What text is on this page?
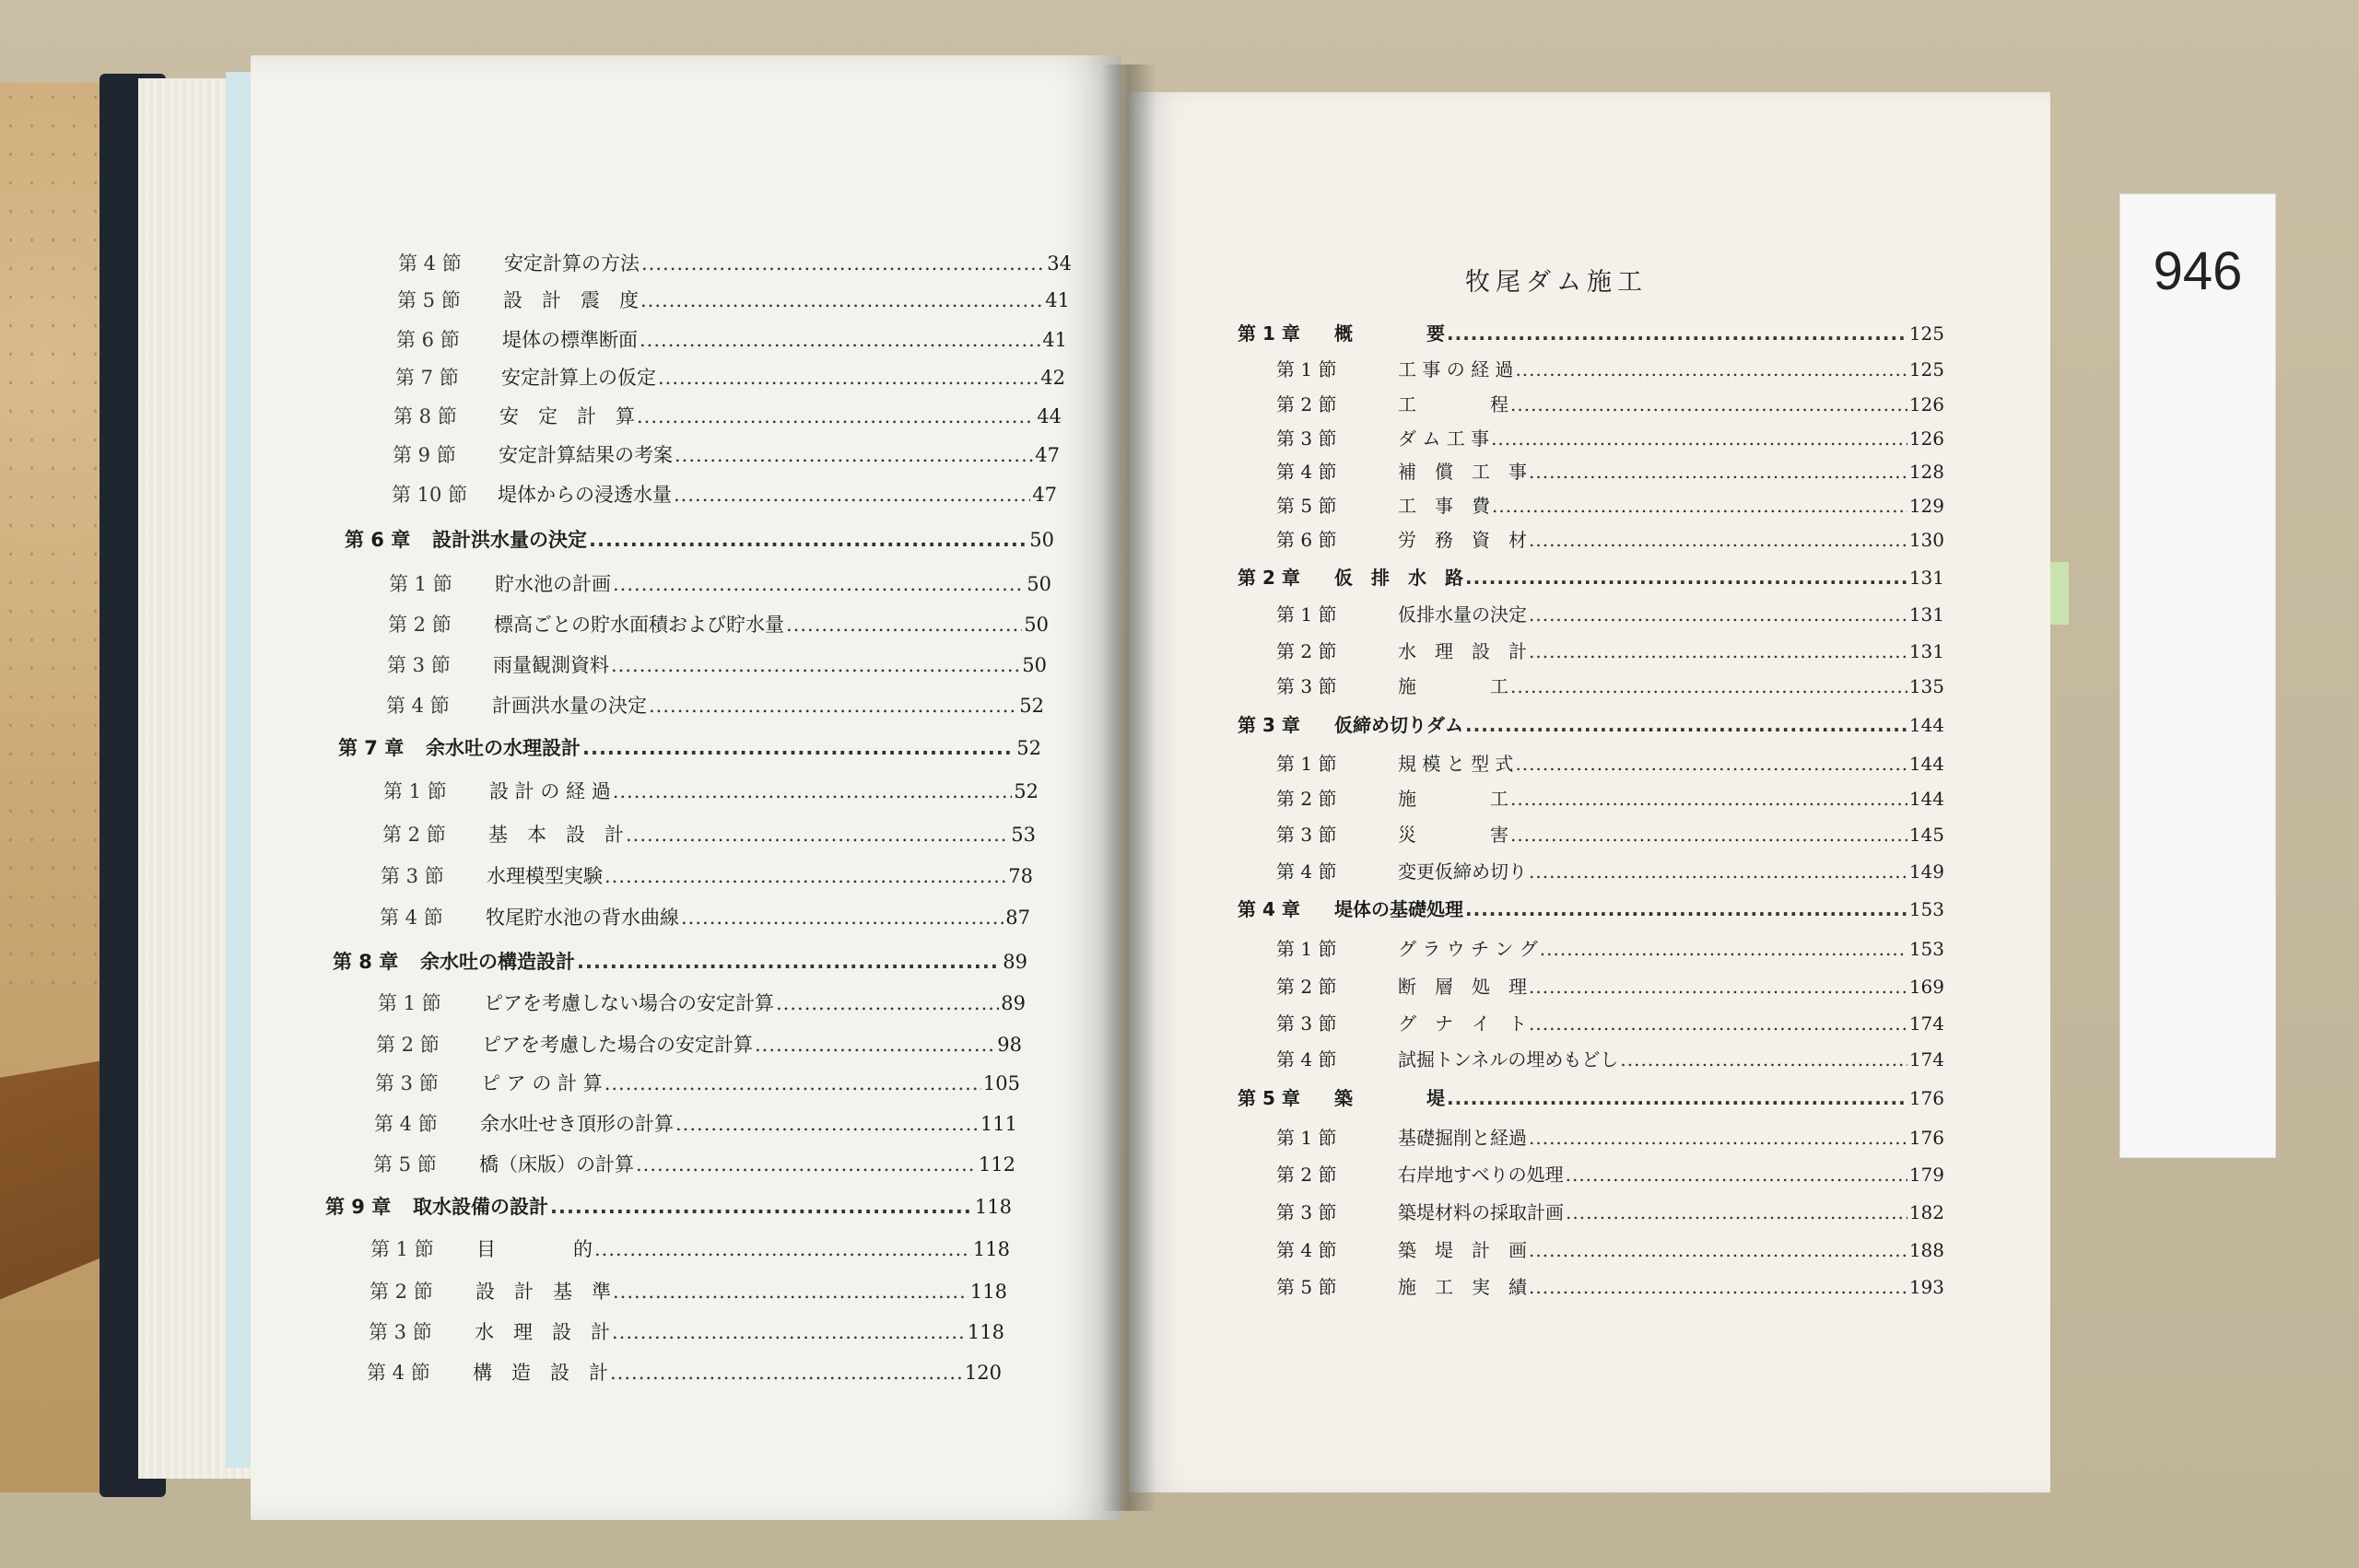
第 4 節	安定計算の方法 .....	34
第 5 節	設　計　震　度 .....	41
第 6 節	堤体の標準断面 .....	41
第 7 節	安定計算上の仮定 .....	42
第 8 節	安　定　計　算 .....	44
第 9 節	安定計算結果の考案 .....	47
第 10 節	堤体からの浸透水量 .....	47
第 6 章	設計洪水量の決定 .....	50
第 1 節	貯水池の計画 .....	50
第 2 節	標高ごとの貯水面積および貯水量 .....	50
第 3 節	雨量観測資料 .....	50
第 4 節	計画洪水量の決定 .....	52
第 7 章	余水吐の水理設計 .....	52
第 1 節	設 計 の 経 過 .....	52
第 2 節	基　本　設　計 .....	53
第 3 節	水理模型実験 .....	78
第 4 節	牧尾貯水池の背水曲線 .....	87
第 8 章	余水吐の構造設計 .....	89
第 1 節	ピアを考慮しない場合の安定計算 .....	89
第 2 節	ピアを考慮した場合の安定計算 .....	98
第 3 節	ピ ア の 計 算 .....	105
第 4 節	余水吐せき頂形の計算 .....	111
第 5 節	橋（床版）の計算 .....	112
第 9 章	取水設備の設計 .....	118
第 1 節	目　　　　的 .....	118
第 2 節	設　計　基　準 .....	118
第 3 節	水　理　設　計 .....	118
第 4 節	構　造　設　計 .....	120
第 1 章	概　　　　要 .....	125
第 1 節	工 事 の 経 過 .....	125
第 2 節	工　　　　程 .....	126
第 3 節	ダ ム 工 事 .....	126
第 4 節	補　償　工　事 .....	128
第 5 節	工　事　費 .....	129
第 6 節	労　務　資　材 .....	130
第 2 章	仮　排　水　路 .....	131
第 1 節	仮排水量の決定 .....	131
第 2 節	水　理　設　計 .....	131
第 3 節	施　　　　工 .....	135
第 3 章	仮締め切りダム .....	144
第 1 節	規 模 と 型 式 .....	144
第 2 節	施　　　　工 .....	144
第 3 節	災　　　　害 .....	145
第 4 節	変更仮締め切り .....	149
第 4 章	堤体の基礎処理 .....	153
第 1 節	グ ラ ウ チ ン グ .....	153
第 2 節	断　層　処　理 .....	169
第 3 節	グ　ナ　イ　ト .....	174
第 4 節	試掘トンネルの埋めもどし .....	174
第 5 章	築　　　　堤 .....	176
第 1 節	基礎掘削と経過 .....	176
第 2 節	右岸地すべりの処理 .....	179
第 3 節	築堤材料の採取計画 .....	182
第 4 節	築　堤　計　画 .....	188
第 5 節	施　工　実　績 .....	193
牧尾ダム施工	946
